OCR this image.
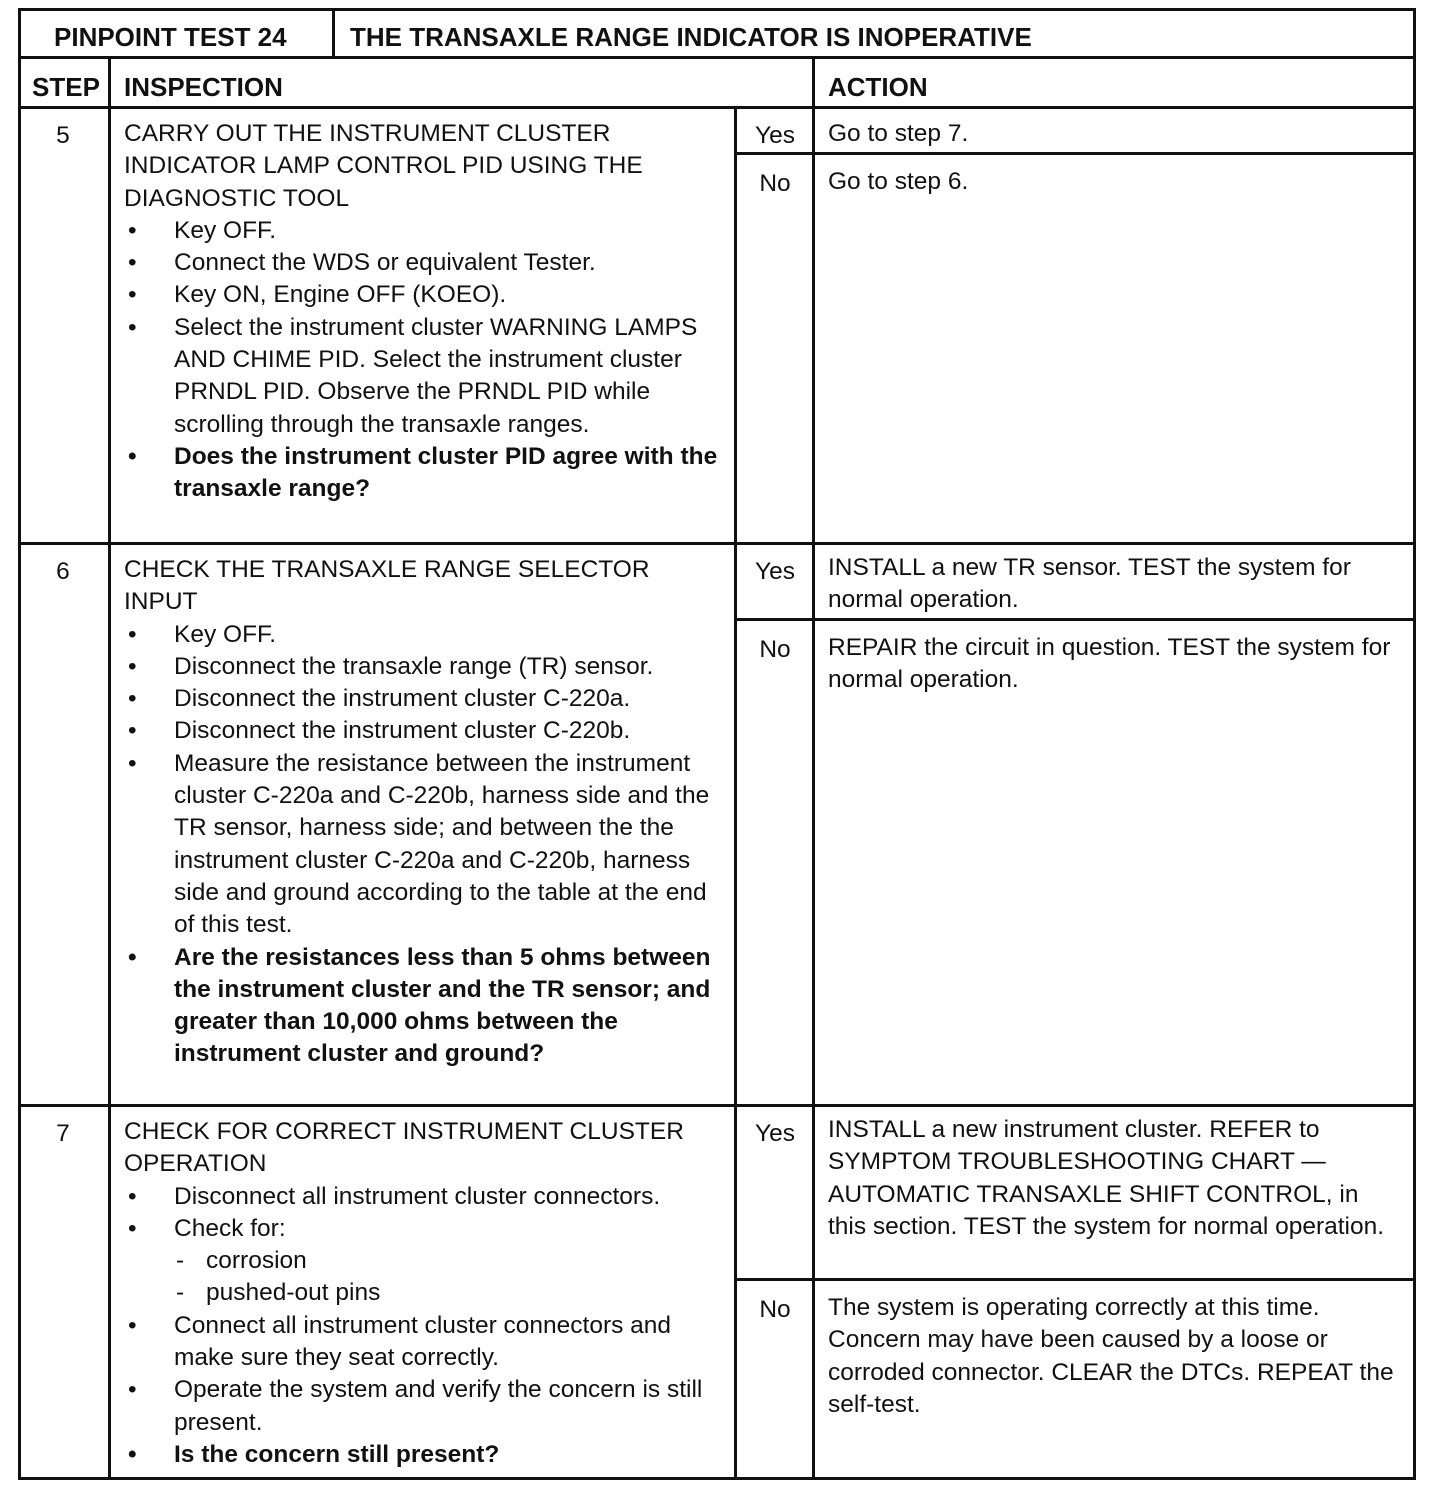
PINPOINT TEST 24 THE TRANSAXLE RANGE INDICATOR IS INOPERATIVE
STEP INSPECTION	ACTION
5	CARRY OUT THE INSTRUMENT CLUSTER INDICATOR LAMP CONTROL PID USING THE DIAGNOSTIC TOOL

• Key OFF.
• Connect the WDS or equivalent Tester.
• Key ON, Engine OFF (KOEO).
• Select the instrument cluster WARNING LAMPS AND CHIME PID. Select the instrument cluster PRNDL PID. Observe the PRNDL PID while scrolling through the transaxle ranges.
• Does the instrument cluster PID agree with the transaxle range?
Yes	Go to step 7.
No	Go to step 6.
6	CHECK THE TRANSAXLE RANGE SELECTOR INPUT

• Key OFF.
• Disconnect the transaxle range (TR) sensor.
• Disconnect the instrument cluster C-220a.
• Disconnect the instrument cluster C-220b.
• Measure the resistance between the instrument cluster C-220a and C-220b, harness side and the TR sensor, harness side; and between the the instrument cluster C-220a and C-220b, harness side and ground according to the table at the end of this test.
• Are the resistances less than 5 ohms between the instrument cluster and the TR sensor; and greater than 10,000 ohms between the instrument cluster and ground?
Yes	INSTALL a new TR sensor. TEST the system for normal operation.
No	REPAIR the circuit in question. TEST the system for normal operation.
7	CHECK FOR CORRECT INSTRUMENT CLUSTER OPERATION

• Disconnect all instrument cluster connectors.
• Check for:
- corrosion
- pushed-out pins
• Connect all instrument cluster connectors and make sure they seat correctly.
• Operate the system and verify the concern is still present.
• Is the concern still present?
Yes	INSTALL a new instrument cluster. REFER to SYMPTOM TROUBLESHOOTING CHART — AUTOMATIC TRANSAXLE SHIFT CONTROL, in this section. TEST the system for normal operation.
No	The system is operating correctly at this time. Concern may have been caused by a loose or corroded connector. CLEAR the DTCs. REPEAT the self-test.
